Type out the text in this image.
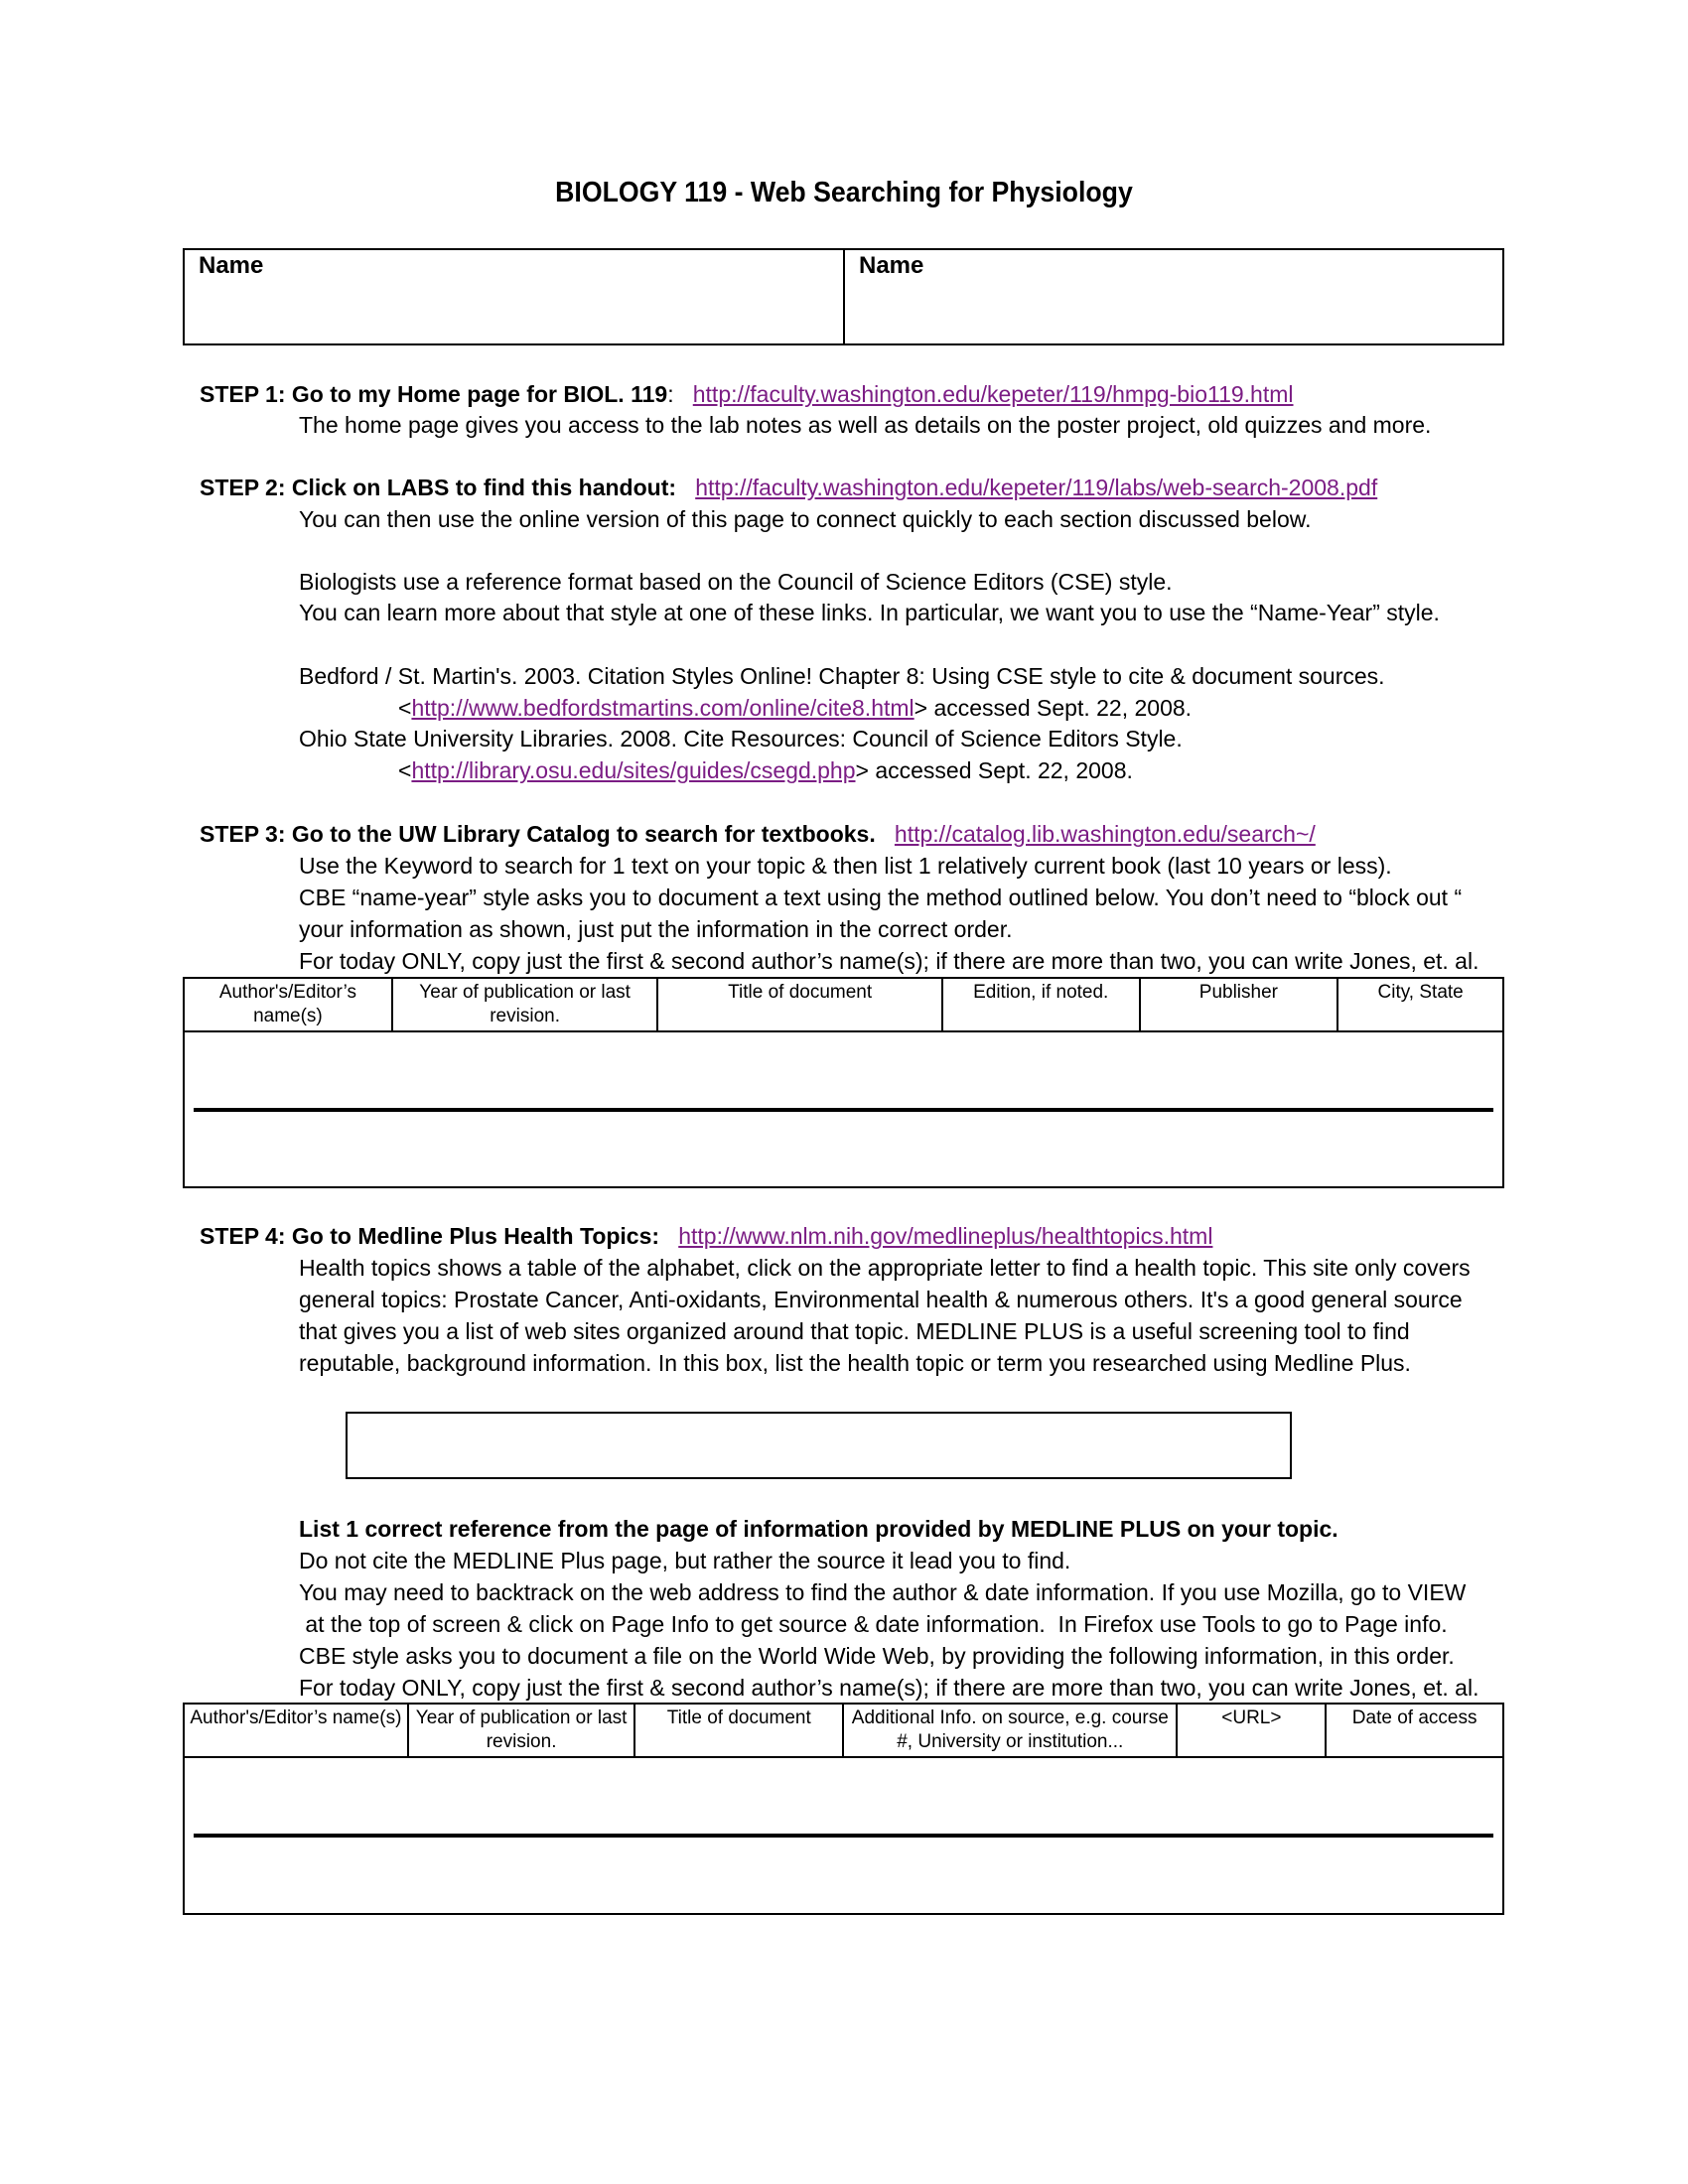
BIOLOGY 119 - Web Searching for Physiology
Name	Name
STEP 1: Go to my Home page for BIOL. 119: http://faculty.washington.edu/kepeter/119/hmpg-bio119.html
The home page gives you access to the lab notes as well as details on the poster project, old quizzes and more.
STEP 2: Click on LABS to find this handout: http://faculty.washington.edu/kepeter/119/labs/web-search-2008.pdf
You can then use the online version of this page to connect quickly to each section discussed below.
Biologists use a reference format based on the Council of Science Editors (CSE) style.
You can learn more about that style at one of these links. In particular, we want you to use the “Name-Year” style.
Bedford / St. Martin's. 2003. Citation Styles Online! Chapter 8: Using CSE style to cite & document sources.
<http://www.bedfordstmartins.com/online/cite8.html> accessed Sept. 22, 2008.
Ohio State University Libraries. 2008. Cite Resources: Council of Science Editors Style.
<http://library.osu.edu/sites/guides/csegd.php> accessed Sept. 22, 2008.
STEP 3: Go to the UW Library Catalog to search for textbooks. http://catalog.lib.washington.edu/search~/
Use the Keyword to search for 1 text on your topic & then list 1 relatively current book (last 10 years or less).
CBE “name-year” style asks you to document a text using the method outlined below. You don’t need to “block out “
your information as shown, just put the information in the correct order.
For today ONLY, copy just the first & second author’s name(s); if there are more than two, you can write Jones, et. al.
Author's/Editor’s name(s)	Year of publication or last revision.	Title of document	Edition, if noted.	Publisher	City, State

STEP 4: Go to Medline Plus Health Topics: http://www.nlm.nih.gov/medlineplus/healthtopics.html
Health topics shows a table of the alphabet, click on the appropriate letter to find a health topic. This site only covers
general topics: Prostate Cancer, Anti-oxidants, Environmental health & numerous others. It's a good general source
that gives you a list of web sites organized around that topic. MEDLINE PLUS is a useful screening tool to find
reputable, background information. In this box, list the health topic or term you researched using Medline Plus.
List 1 correct reference from the page of information provided by MEDLINE PLUS on your topic.
Do not cite the MEDLINE Plus page, but rather the source it lead you to find.
You may need to backtrack on the web address to find the author & date information. If you use Mozilla, go to VIEW
at the top of screen & click on Page Info to get source & date information.  In Firefox use Tools to go to Page info.
CBE style asks you to document a file on the World Wide Web, by providing the following information, in this order.
For today ONLY, copy just the first & second author’s name(s); if there are more than two, you can write Jones, et. al.
Author's/Editor’s name(s)	Year of publication or last revision.	Title of document	Additional Info. on source, e.g. course #, University or institution...	<URL>	Date of access
